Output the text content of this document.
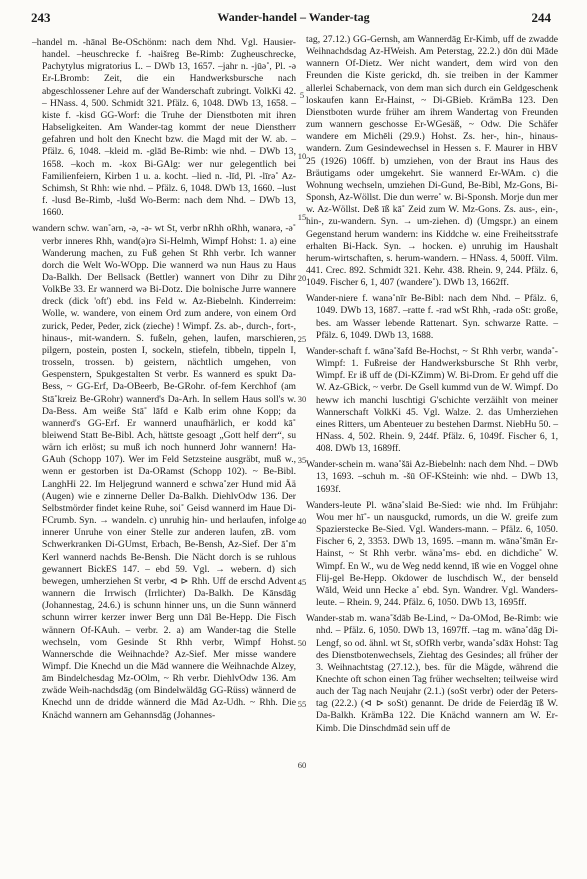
243	Wander-handel – Wander-tag	244

–handel m. -hānǝl Be-OSchönm: nach dem Nhd. Vgl. Hausier-handel. –heuschrecke f. -haišreg Be-Rimb: Zugheuschrecke, Pachytylus migratorius L. – DWb 13, 1657. –jahr n. -jūǝ˚, Pl. -ǝ Er-LBromb: Zeit, die ein Handwerksbursche nach abgeschlossener Lehre auf der Wanderschaft zubringt. VolkKi 42. – HNass. 4, 500. Schmidt 321. Pfälz. 6, 1048. DWb 13, 1658. –kiste f. -kisd GG-Worf: die Truhe der Dienstboten mit ihren Habseligkeiten. Am Wander-tag kommt der neue Dienstherr gefahren und holt den Knecht bzw. die Magd mit der W. ab. – Pfälz. 6, 1048. –kleid m. -glād Be-Rimb: wie nhd. – DWb 13, 1658. –koch m. -kox Bi-GAlg: wer nur gelegentlich bei Familienfeiern, Kirben 1 u. a. kocht. –lied n. -līd, Pl. -līrǝ˚ Az-Schimsh, St Rhh: wie nhd. – Pfälz. 6, 1048. DWb 13, 1660. –lust f. -lusd Be-Rimb, -lušd Wo-Berm: nach dem Nhd. – DWb 13, 1660.

wandern schw. wan˚ǝrn, -ǝ, -ǝ- wt St, verbr nRhh oRhh, wanǝrǝ, -ǝ˚ verbr inneres Rhh, wand(ǝ)rǝ Si-Helmh, Wimpf Hohst: 1. a) eine Wanderung machen, zu Fuß gehen St Rhh verbr. Ich wanner dorch die Welt Wo-WOpp. Die wannerd wǝ nun Haus zu Haus Da-Balkh. Der Bellsack (Bettler) wannert von Dihr zu Dihr VolkBe 33. Er wannerd wǝ Bi-Dotz. Die bolnische Jurre wannere dreck (dick 'oft') ebd. ins Feld w. Az-Biebelnh. Kinderreim: Wolle, w. wandere, von einem Ord zum andere, von einem Ord zurick, Peder, Peder, zick (zieche) ! Wimpf. Zs. ab-, durch-, fort-, hinaus-, mit-wandern. S. fußeln, gehen, laufen, marschieren, pilgern, postein, posten I, sockeln, stiefeln, tibbeln, tippeln I, trosseln, trossen. b) geistern, nächtlich umgehen, von Gespenstern, Spukgestalten St verbr. Es wannerd es spukt Da-Bess, ~ GG-Erf, Da-OBeerb, Be-GRohr. of-fem Kerchhof (am Stā˚kreiz Be-GRohr) wannerd's Da-Arh. In sellem Haus soll's w. Da-Bess. Am weiße Stā˚ lāfd e Kalb erim ohne Kopp; da wannerd's GG-Erf. Er wannerd unaufhärlich, er kodd kā˚ bleiwend Statt Be-Bibl. Ach, hättste gesoagt „Gott helf derr“, su wärn ich erlöst; su muß ich noch hunnerd Johr wannern! Ha-GAuh (Schopp 107). Wer im Feld Setzsteine ausgräbt, muß w., wenn er gestorben ist Da-ORamst (Schopp 102). ~ Be-Bibl. LanghHi 22. Im Heljegrund wannerd e schwa˚zer Hund mid Ää (Augen) wie e zinnerne Deller Da-Balkh. DiehlvOdw 136. Der Selbstmörder findet keine Ruhe, soi˚ Geisd wannerd im Haue Di-FCrumb. Syn. → wandeln. c) unruhig hin- und herlaufen, infolge innerer Unruhe von einer Stelle zur anderen laufen, zB. vom Schwerkranken Di-GUmst, Erbach, Be-Bensh, Az-Sief. Der ā˚m Kerl wannerd nachds Be-Bensh. Die Nächt dorch is se ruhlous gewannert BickES 147. – ebd 59. Vgl. → webern. d) sich bewegen, umherziehen St verbr, ⊲ ⊳ Rhh. Uff de erschd Advent wannern die Irrwisch (Irrlichter) Da-Balkh. De Kānsdāg (Johannestag, 24.6.) is schunn hinner uns, un die Sunn wännerd schunn wirrer kerzer inwer Berg unn Dāl Be-Hepp. Die Fisch wännern Of-KAuh. – verbr. 2. a) am Wander-tag die Stelle wechseln, vom Gesinde St Rhh verbr, Wimpf Hohst. Wannerschde die Weihnachde? Az-Sief. Mer misse wandere Wimpf. Die Knechd un die Mād wannere die Weihnachde Alzey, ām Bindelchesdag Mz-OOlm, ~ Rh verbr. DiehlvOdw 136. Am zwäde Weih-nachdsdāg (om Bindelwäldāg GG-Rüss) wännerd de Knechd unn de dridde wännerd die Mād Az-Udh. ~ Rhh. Die Knächd wannern am Gehannsdāg (Johannes-

5
10
15
20
25
30
35
40
45
50
55
60

tag, 27.12.) GG-Gernsh, am Wannerdāg Er-Kimb, uff de zwadde Weihnachdsdag Az-HWeish. Am Peterstag, 22.2.) dōn dūi Māde wannern Of-Dietz. Wer nicht wandert, dem wird von den Freunden die Kiste gerickd, dh. sie treiben in der Kammer allerlei Schabernack, von dem man sich durch ein Geldgeschenk loskaufen kann Er-Hainst, ~ Di-GBieb. KrämBa 123. Den Dienstboten wurde früher am ihrem Wandertag von Freunden zum wannern geschosse Er-WGesäß, ~ Odw. Die Schäfer wandere em Michēli (29.9.) Hohst. Zs. her-, hin-, hinaus-wandern. Zum Gesindewechsel in Hessen s. F. Maurer in HBV 25 (1926) 106ff. b) umziehen, von der Braut ins Haus des Bräutigams oder umgekehrt. Sie wannerd Er-WAm. c) die Wohnung wechseln, umziehen Di-Gund, Be-Bibl, Mz-Gons, Bi-Sponsh, Az-Wöllst. Die dun werre˚ w. Bi-Sponsh. Morje dun mer w. Az-Wöllst. Deß īß kā˚ Zeid zum W. Mz-Gons. Zs. aus-, ein-, hin-, zu-wandern. Syn. → um-ziehen. d) (Umgspr.) an einem Gegenstand herum wandern: ins Kiddche w. eine Freiheitsstrafe erhalten Bi-Hack. Syn. → hocken. e) unruhig im Haushalt herum-wirtschaften, s. herum-wandern. – HNass. 4, 500ff. Vilm. 441. Crec. 892. Schmidt 321. Kehr. 438. Rhein. 9, 244. Pfälz. 6, 1049. Fischer 6, 1, 407 (wandere˚). DWb 13, 1662ff.

Wander-niere f. wanǝ˚nīr Be-Bibl: nach dem Nhd. – Pfälz. 6, 1049. DWb 13, 1687. –ratte f. -rad wSt Rhh, -radǝ oSt: große, bes. am Wasser lebende Rattenart. Syn. schwarze Ratte. – Pfälz. 6, 1049. DWb 13, 1688.

Wander-schaft f. wānǝ˚šafd Be-Hochst, ~ St Rhh verbr, wandǝ˚- Wimpf: 1. Fußreise der Handwerksbursche St Rhh verbr, Wimpf. Er iß uff de (Di-KZimm) W. Bi-Drom. Er gehd uff die W. Az-GBick, ~ verbr. De Gsell kummd vun de W. Wimpf. Do heww ich manchi luschtigi G'schichte verzäihlt von meiner Wannerschaft VolkKi 45. Vgl. Walze. 2. das Umherziehen eines Ritters, um Abenteuer zu bestehen Darmst. NiebHu 50. – HNass. 4, 502. Rhein. 9, 244f. Pfälz. 6, 1049f. Fischer 6, 1, 408. DWb 13, 1689ff.

Wander-schein m. wanǝ˚šāi Az-Biebelnh: nach dem Nhd. – DWb 13, 1693. –schuh m. -šū OF-KSteinh: wie nhd. – DWb 13, 1693f.

Wanders-leute Pl. wānǝ˚slaid Be-Sied: wie nhd. Im Frühjahr: Wou mer hī˚- un nausguckd, rumords, un die W. greife zum Spazierstecke Be-Sied. Vgl. Wanders-mann. – Pfälz. 6, 1050. Fischer 6, 2, 3353. DWb 13, 1695. –mann m. wānǝ˚šmān Er-Hainst, ~ St Rhh verbr. wänǝ˚ms- ebd. en dichdiche˚ W. Wimpf. En W., wu de Weg nedd kennd, īß wie en Voggel ohne Flij-gel Be-Hepp. Okdower de luschdisch W., der benseld Wāld, Weid unn Hecke a˚ ebd. Syn. Wandrer. Vgl. Wanders-leute. – Rhein. 9, 244. Pfälz. 6, 1050. DWb 13, 1695ff.

Wander-stab m. wanǝ˚šdāb Be-Lind, ~ Da-OMod, Be-Rimb: wie nhd. – Pfälz. 6, 1050. DWb 13, 1697ff. –tag m. wānǝ˚dāg Di-Lengf, so od. ähnl. wt St, sOfRh verbr, wandǝ˚sdāx Hohst: Tag des Dienstbotenwechsels, Ziehtag des Gesindes; all früher der 3. Weihnachtstag (27.12.), bes. für die Mägde, während die Knechte oft schon einen Tag früher wechselten; teilweise wird auch der Tag nach Neujahr (2.1.) (soSt verbr) oder der Peters-tag (22.2.) (⊲ ⊳ soSt) genannt. De dride de Feierdāg īß W. Da-Balkh. KrämBa 122. Die Knächd wannern am W. Er-Kimb. Die Dinschdmād sein uff de
